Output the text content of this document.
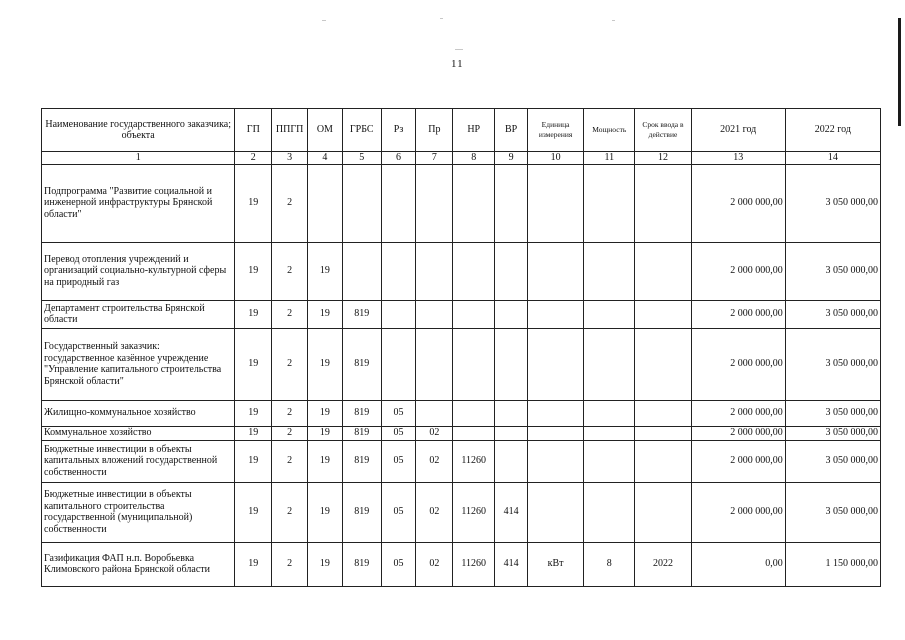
11
Наименование государственного заказчика; объекта	ГП	ППГП	ОМ	ГРБС	Рз	Пр	НР	ВР	Единица измерения	Мощность	Срок ввода в действие	2021 год	2022 год
1	2	3	4	5	6	7	8	9	10	11	12	13	14
Подпрограмма "Развитие социальной и инженерной инфраструктуры Брянской области"	19	2										2 000 000,00	3 050 000,00
Перевод отопления учреждений и организаций социально-культурной сферы на природный газ	19	2	19									2 000 000,00	3 050 000,00
Департамент строительства Брянской области	19	2	19	819								2 000 000,00	3 050 000,00
Государственный заказчик: государственное казённое учреждение "Управление капитального строительства Брянской области"	19	2	19	819								2 000 000,00	3 050 000,00
Жилищно-коммунальное хозяйство	19	2	19	819	05							2 000 000,00	3 050 000,00
Коммунальное хозяйство	19	2	19	819	05	02						2 000 000,00	3 050 000,00
Бюджетные инвестиции в объекты капитальных вложений государственной собственности	19	2	19	819	05	02	11260					2 000 000,00	3 050 000,00
Бюджетные инвестиции в объекты капитального строительства государственной (муниципальной) собственности	19	2	19	819	05	02	11260	414				2 000 000,00	3 050 000,00
Газификация ФАП н.п. Воробьевка Климовского района Брянской области	19	2	19	819	05	02	11260	414	кВт	8	2022	0,00	1 150 000,00
